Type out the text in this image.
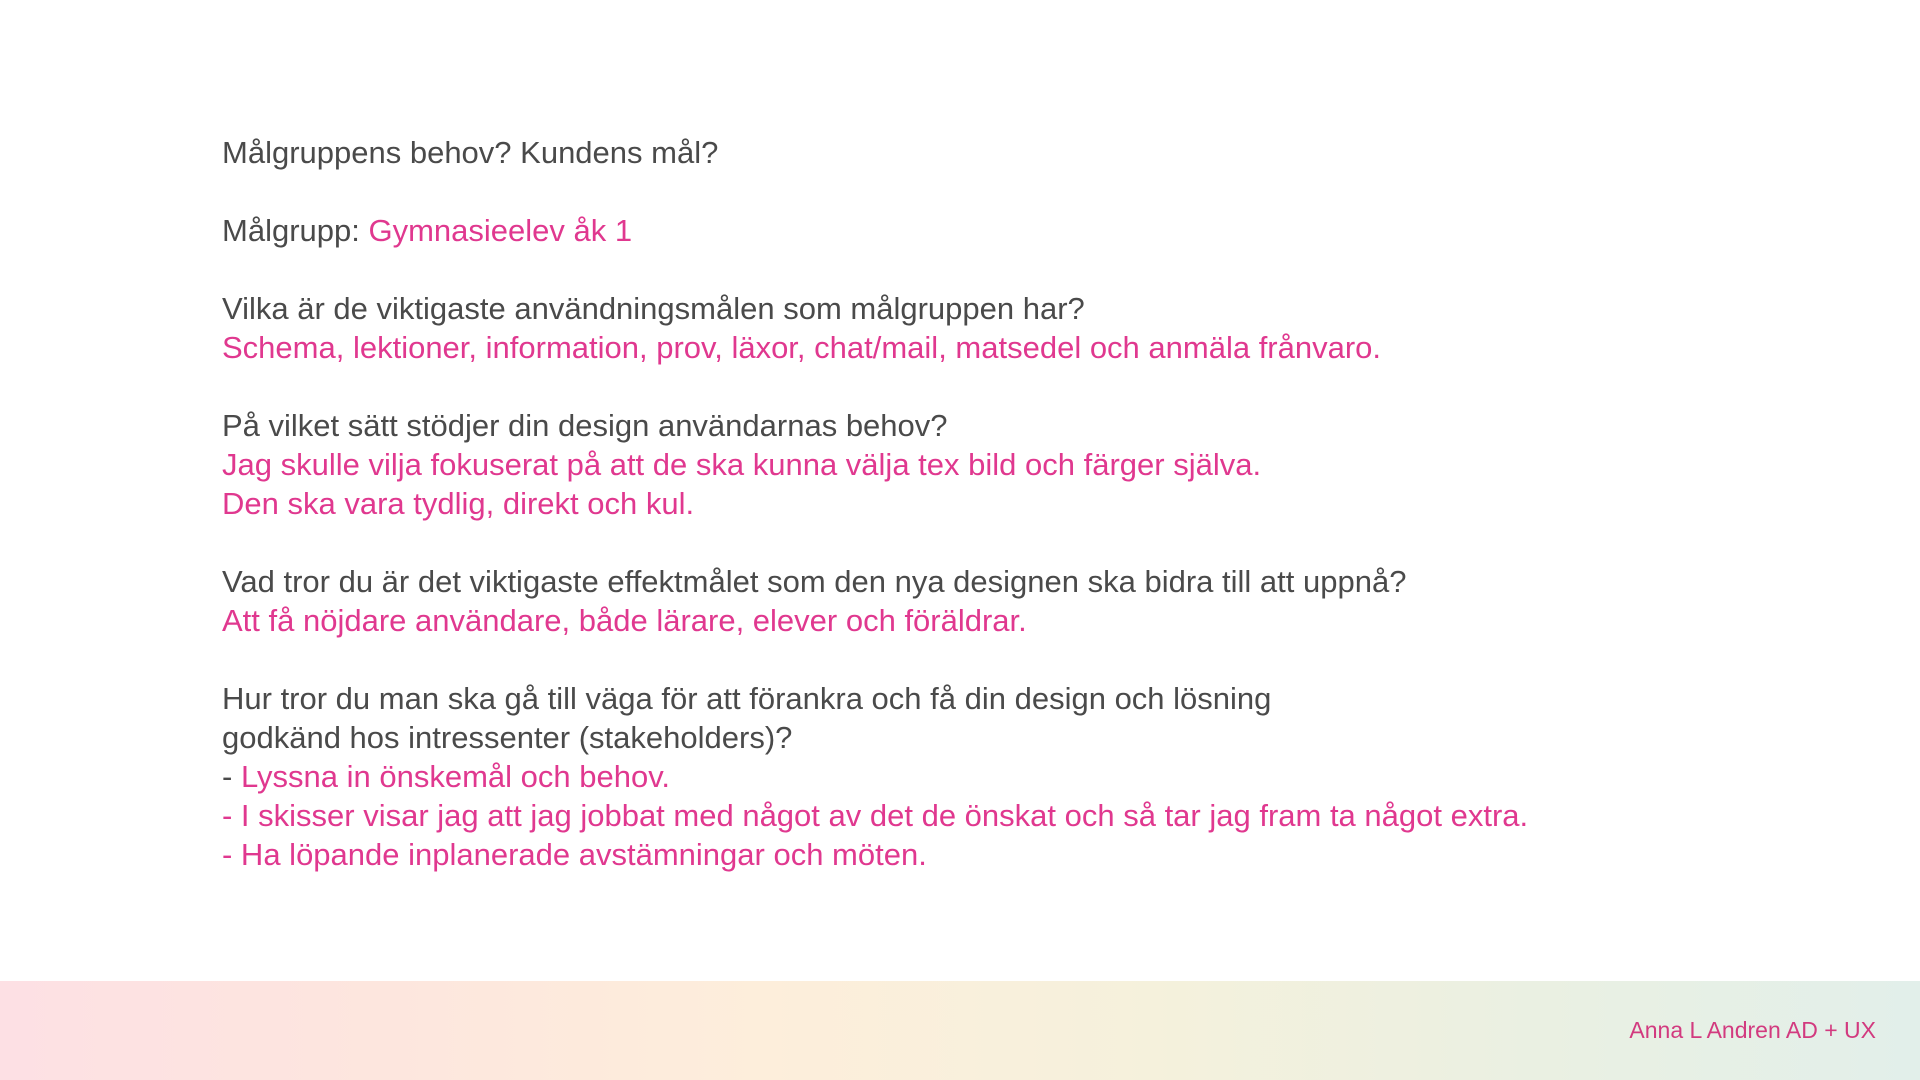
Målgruppens behov? Kundens mål?
Målgrupp: Gymnasieelev åk 1
Vilka är de viktigaste användningsmålen som målgruppen har?
Schema, lektioner, information, prov, läxor, chat/mail, matsedel och anmäla frånvaro.
På vilket sätt stödjer din design användarnas behov?
Jag skulle vilja fokuserat på att de ska kunna välja tex bild och färger själva.
Den ska vara tydlig, direkt och kul.
Vad tror du är det viktigaste effektmålet som den nya designen ska bidra till att uppnå?
Att få nöjdare användare, både lärare, elever och föräldrar.
Hur tror du man ska gå till väga för att förankra och få din design och lösning
godkänd hos intressenter (stakeholders)?
- Lyssna in önskemål och behov.
- I skisser visar jag att jag jobbat med något av det de önskat och så tar jag fram ta något extra.
- Ha löpande inplanerade avstämningar och möten.
Anna L Andren AD + UX
